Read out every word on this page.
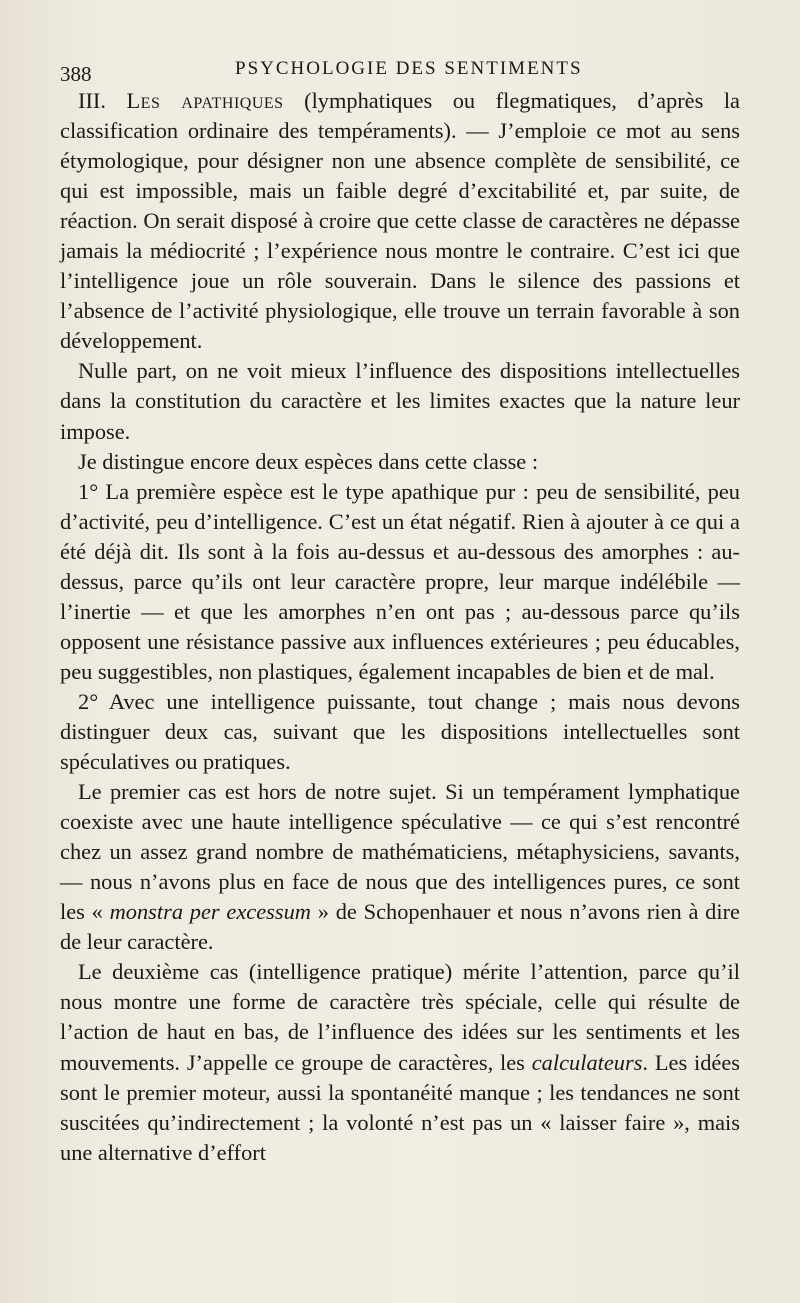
388	PSYCHOLOGIE DES SENTIMENTS

III. Les apathiques (lymphatiques ou flegmatiques, d’après la classification ordinaire des tempéraments). — J’emploie ce mot au sens étymologique, pour désigner non une absence complète de sensibilité, ce qui est impossible, mais un faible degré d’excitabilité et, par suite, de réaction. On serait disposé à croire que cette classe de caractères ne dépasse jamais la médiocrité ; l’expérience nous montre le contraire. C’est ici que l’intelligence joue un rôle souverain. Dans le silence des passions et l’absence de l’activité physiologique, elle trouve un terrain favorable à son développement.

Nulle part, on ne voit mieux l’influence des dispositions intellectuelles dans la constitution du caractère et les limites exactes que la nature leur impose.

Je distingue encore deux espèces dans cette classe :

1° La première espèce est le type apathique pur : peu de sensibilité, peu d’activité, peu d’intelligence. C’est un état négatif. Rien à ajouter à ce qui a été déjà dit. Ils sont à la fois au-dessus et au-dessous des amorphes : au-dessus, parce qu’ils ont leur caractère propre, leur marque indélébile — l’inertie — et que les amorphes n’en ont pas ; au-dessous parce qu’ils opposent une résistance passive aux influences extérieures ; peu éducables, peu suggestibles, non plastiques, également incapables de bien et de mal.

2° Avec une intelligence puissante, tout change ; mais nous devons distinguer deux cas, suivant que les dispositions intellectuelles sont spéculatives ou pratiques.

Le premier cas est hors de notre sujet. Si un tempérament lymphatique coexiste avec une haute intelligence spéculative — ce qui s’est rencontré chez un assez grand nombre de mathématiciens, métaphysiciens, savants, — nous n’avons plus en face de nous que des intelligences pures, ce sont les « monstra per excessum » de Schopenhauer et nous n’avons rien à dire de leur caractère.

Le deuxième cas (intelligence pratique) mérite l’attention, parce qu’il nous montre une forme de caractère très spéciale, celle qui résulte de l’action de haut en bas, de l’influence des idées sur les sentiments et les mouvements. J’appelle ce groupe de caractères, les calculateurs. Les idées sont le premier moteur, aussi la spontanéité manque ; les tendances ne sont suscitées qu’indirectement ; la volonté n’est pas un « laisser faire », mais une alternative d’effort
